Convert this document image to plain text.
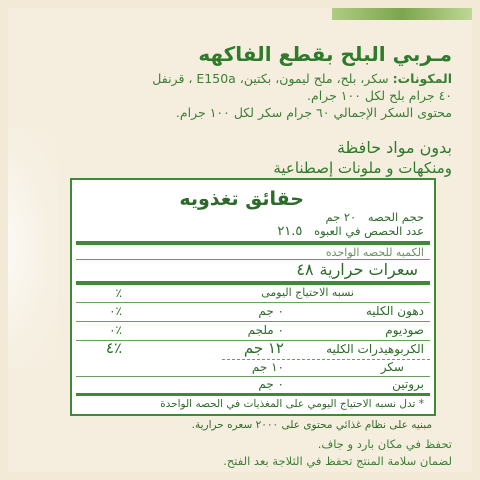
مـربي البلح بقطع الفاكهه
المكونات: سكر، بلح، ملح ليمون، بكتين، E150a ، قرنفل
٤٠ جرام بلح لكل ١٠٠ جرام.
محتوى السكر الإجمالي ٦٠ جرام سكر لكل ١٠٠ جرام.
بدون مواد حافظة
ومنكهات و ملونات إصطناعية
حقائق تغذويه
حجم الحصه ٢٠ جم
عدد الحصص في العبوه ٢١.٥
الكميه للحصه الواحده
سعرات حرارية٤٨
نسبه الاحتياج اليومى
٪
دهون الكليه
٠ جم
٪٠
صوديوم
٠ ملجم
٪٠
الكربوهيدرات الكليه
١٢ جم
٪٤
سكر
١٠ جم
بروتين
٠ جم
* تدل نسبه الاحتياج اليومي على المغذيات في الحصه الواحدة
مبنيه على نظام غذائي محتوى على ٢٠٠٠ سعره حرارية.
تحفظ في مكان بارد و جاف.
لضمان سلامة المنتج تحفظ في الثلاجة بعد الفتح.
